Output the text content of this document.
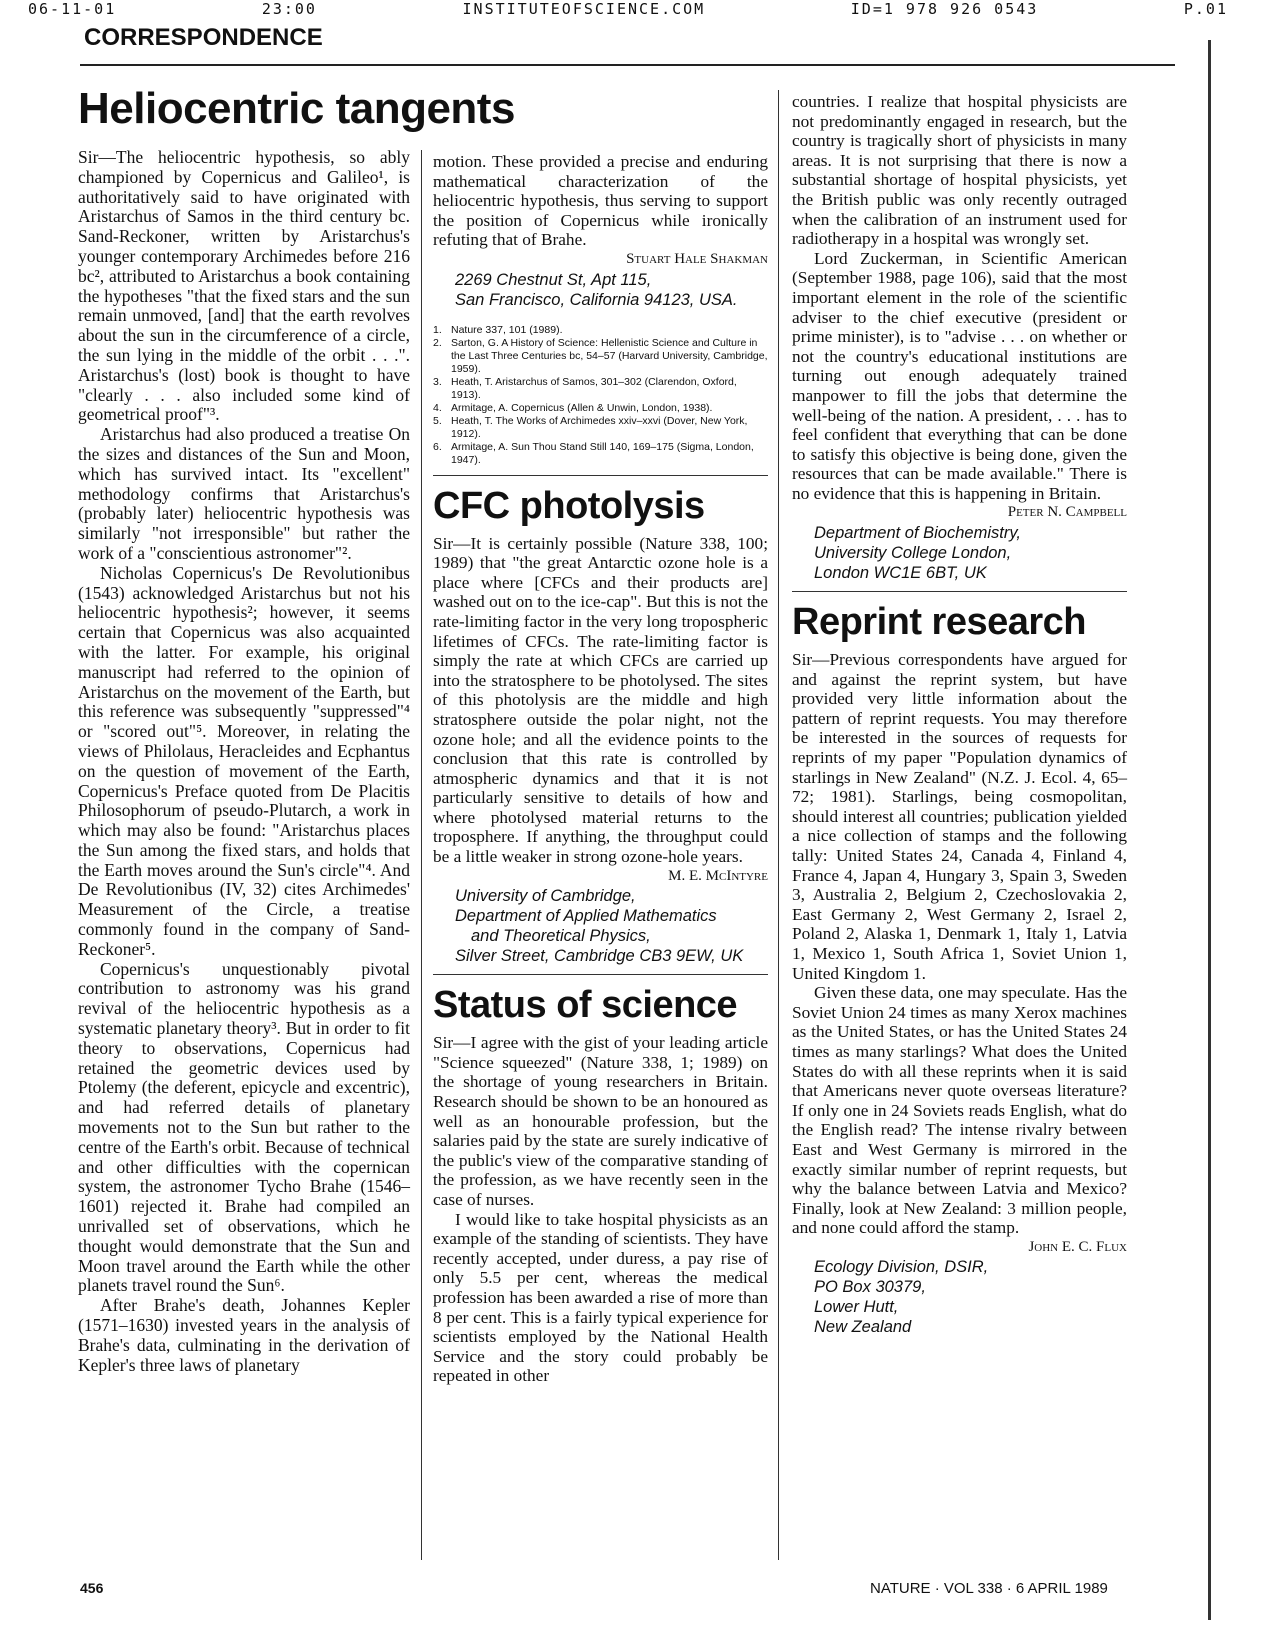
06-11-01	23:00	INSTITUTEOFSCIENCE.COM	ID=1 978 926 0543	P.01
CORRESPONDENCE
Heliocentric tangents

Sir—The heliocentric hypothesis, so ably championed by Copernicus and Galileo¹, is authoritatively said to have originated with Aristarchus of Samos in the third century bc. Sand-Reckoner, written by Aristarchus's younger contemporary Archimedes before 216 bc², attributed to Aristarchus a book containing the hypotheses "that the fixed stars and the sun remain unmoved, [and] that the earth revolves about the sun in the circumference of a circle, the sun lying in the middle of the orbit . . .". Aristarchus's (lost) book is thought to have "clearly . . . also included some kind of geometrical proof"³.

Aristarchus had also produced a treatise On the sizes and distances of the Sun and Moon, which has survived intact. Its "excellent" methodology confirms that Aristarchus's (probably later) heliocentric hypothesis was similarly "not irresponsible" but rather the work of a "conscientious astronomer"².

Nicholas Copernicus's De Revolutionibus (1543) acknowledged Aristarchus but not his heliocentric hypothesis²; however, it seems certain that Copernicus was also acquainted with the latter. For example, his original manuscript had referred to the opinion of Aristarchus on the movement of the Earth, but this reference was subsequently "suppressed"⁴ or "scored out"⁵. Moreover, in relating the views of Philolaus, Heracleides and Ecphantus on the question of movement of the Earth, Copernicus's Preface quoted from De Placitis Philosophorum of pseudo-Plutarch, a work in which may also be found: "Aristarchus places the Sun among the fixed stars, and holds that the Earth moves around the Sun's circle"⁴. And De Revolutionibus (IV, 32) cites Archimedes' Measurement of the Circle, a treatise commonly found in the company of Sand-Reckoner⁵.

Copernicus's unquestionably pivotal contribution to astronomy was his grand revival of the heliocentric hypothesis as a systematic planetary theory³. But in order to fit theory to observations, Copernicus had retained the geometric devices used by Ptolemy (the deferent, epicycle and excentric), and had referred details of planetary movements not to the Sun but rather to the centre of the Earth's orbit. Because of technical and other difficulties with the copernican system, the astronomer Tycho Brahe (1546–1601) rejected it. Brahe had compiled an unrivalled set of observations, which he thought would demonstrate that the Sun and Moon travel around the Earth while the other planets travel round the Sun⁶.

After Brahe's death, Johannes Kepler (1571–1630) invested years in the analysis of Brahe's data, culminating in the derivation of Kepler's three laws of planetary

motion. These provided a precise and enduring mathematical characterization of the heliocentric hypothesis, thus serving to support the position of Copernicus while ironically refuting that of Brahe.

Stuart Hale Shakman

2269 Chestnut St, Apt 115,

San Francisco, California 94123, USA.

1. Nature 337, 101 (1989).
2. Sarton, G. A History of Science: Hellenistic Science and Culture in the Last Three Centuries bc, 54–57 (Harvard University, Cambridge, 1959).
3. Heath, T. Aristarchus of Samos, 301–302 (Clarendon, Oxford, 1913).
4. Armitage, A. Copernicus (Allen & Unwin, London, 1938).
5. Heath, T. The Works of Archimedes xxiv–xxvi (Dover, New York, 1912).
6. Armitage, A. Sun Thou Stand Still 140, 169–175 (Sigma, London, 1947).
CFC photolysis

Sir—It is certainly possible (Nature 338, 100; 1989) that "the great Antarctic ozone hole is a place where [CFCs and their products are] washed out on to the ice-cap". But this is not the rate-limiting factor in the very long tropospheric lifetimes of CFCs. The rate-limiting factor is simply the rate at which CFCs are carried up into the stratosphere to be photolysed. The sites of this photolysis are the middle and high stratosphere outside the polar night, not the ozone hole; and all the evidence points to the conclusion that this rate is controlled by atmospheric dynamics and that it is not particularly sensitive to details of how and where photolysed material returns to the troposphere. If anything, the throughput could be a little weaker in strong ozone-hole years.

M. E. McIntyre

University of Cambridge,

Department of Applied Mathematics

and Theoretical Physics,

Silver Street, Cambridge CB3 9EW, UK

Status of science

Sir—I agree with the gist of your leading article "Science squeezed" (Nature 338, 1; 1989) on the shortage of young researchers in Britain. Research should be shown to be an honoured as well as an honourable profession, but the salaries paid by the state are surely indicative of the public's view of the comparative standing of the profession, as we have recently seen in the case of nurses.

I would like to take hospital physicists as an example of the standing of scientists. They have recently accepted, under duress, a pay rise of only 5.5 per cent, whereas the medical profession has been awarded a rise of more than 8 per cent. This is a fairly typical experience for scientists employed by the National Health Service and the story could probably be repeated in other

countries. I realize that hospital physicists are not predominantly engaged in research, but the country is tragically short of physicists in many areas. It is not surprising that there is now a substantial shortage of hospital physicists, yet the British public was only recently outraged when the calibration of an instrument used for radiotherapy in a hospital was wrongly set.

Lord Zuckerman, in Scientific American (September 1988, page 106), said that the most important element in the role of the scientific adviser to the chief executive (president or prime minister), is to "advise . . . on whether or not the country's educational institutions are turning out enough adequately trained manpower to fill the jobs that determine the well-being of the nation. A president, . . . has to feel confident that everything that can be done to satisfy this objective is being done, given the resources that can be made available." There is no evidence that this is happening in Britain.

Peter N. Campbell

Department of Biochemistry,

University College London,

London WC1E 6BT, UK

Reprint research

Sir—Previous correspondents have argued for and against the reprint system, but have provided very little information about the pattern of reprint requests. You may therefore be interested in the sources of requests for reprints of my paper "Population dynamics of starlings in New Zealand" (N.Z. J. Ecol. 4, 65–72; 1981). Starlings, being cosmopolitan, should interest all countries; publication yielded a nice collection of stamps and the following tally: United States 24, Canada 4, Finland 4, France 4, Japan 4, Hungary 3, Spain 3, Sweden 3, Australia 2, Belgium 2, Czechoslovakia 2, East Germany 2, West Germany 2, Israel 2, Poland 2, Alaska 1, Denmark 1, Italy 1, Latvia 1, Mexico 1, South Africa 1, Soviet Union 1, United Kingdom 1.

Given these data, one may speculate. Has the Soviet Union 24 times as many Xerox machines as the United States, or has the United States 24 times as many starlings? What does the United States do with all these reprints when it is said that Americans never quote overseas literature? If only one in 24 Soviets reads English, what do the English read? The intense rivalry between East and West Germany is mirrored in the exactly similar number of reprint requests, but why the balance between Latvia and Mexico? Finally, look at New Zealand: 3 million people, and none could afford the stamp.

John E. C. Flux

Ecology Division, DSIR,

PO Box 30379,

Lower Hutt,

New Zealand

456	NATURE · VOL 338 · 6 APRIL 1989
